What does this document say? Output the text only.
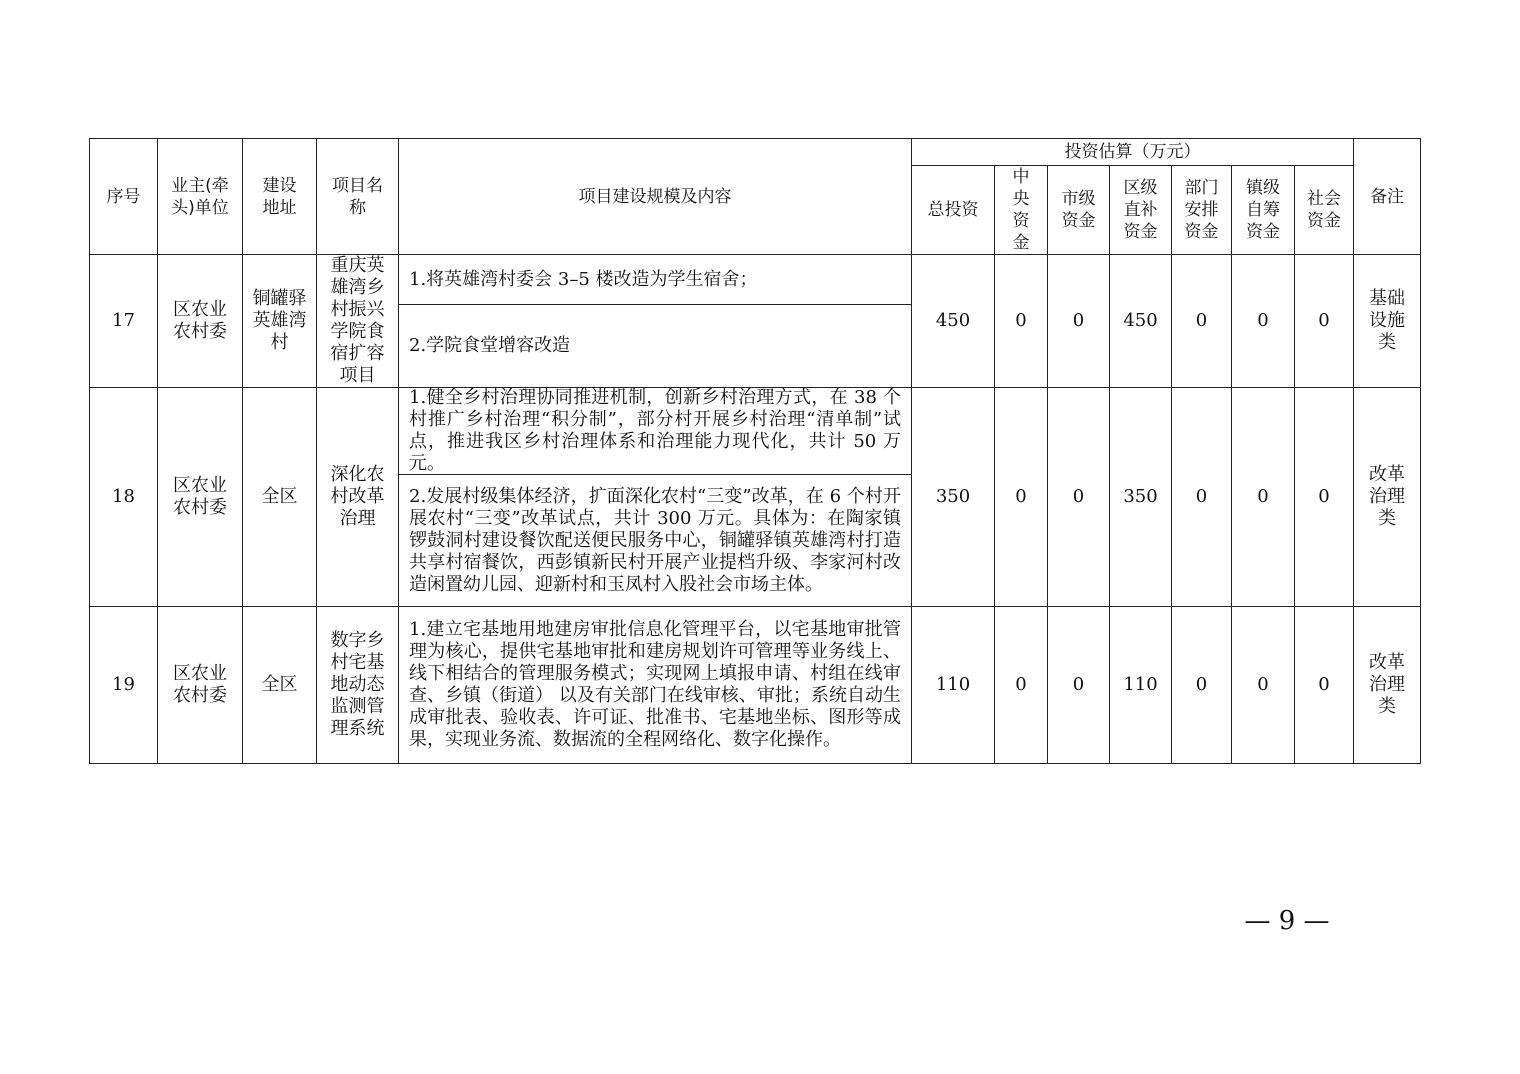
序号	业主(牵头)单位	建设地址	项目名称	项目建设规模及内容	投资估算（万元）							备注
					总投资	中央资金	市级资金	区级直补资金	部门安排资金	镇级自筹资金	社会资金	
17	区农业农村委	铜罐驿英雄湾村	重庆英雄湾乡村振兴学院食宿扩容项目	1.将英雄湾村委会 3–5 楼改造为学生宿舍；
2.学院食堂增容改造	450	0	0	450	0	0	0	基础设施类
18	区农业农村委	全区	深化农村改革治理	1.健全乡村治理协同推进机制，创新乡村治理方式，在 38 个村推广乡村治理“积分制”，部分村开展乡村治理“清单制”试点，推进我区乡村治理体系和治理能力现代化，共计 50 万元。
2.发展村级集体经济，扩面深化农村“三变”改革，在 6 个村开展农村“三变”改革试点，共计 300 万元。具体为：在陶家镇锣鼓洞村建设餐饮配送便民服务中心，铜罐驿镇英雄湾村打造共享村宿餐饮，西彭镇新民村开展产业提档升级、李家河村改造闲置幼儿园、迎新村和玉凤村入股社会市场主体。	350	0	0	350	0	0	0	改革治理类
19	区农业农村委	全区	数字乡村宅基地动态监测管理系统	1.建立宅基地用地建房审批信息化管理平台，以宅基地审批管理为核心，提供宅基地审批和建房规划许可管理等业务线上、线下相结合的管理服务模式；实现网上填报申请、村组在线审查、乡镇（街道） 以及有关部门在线审核、审批；系统自动生成审批表、验收表、许可证、批准书、宅基地坐标、图形等成果，实现业务流、数据流的全程网络化、数字化操作。	110	0	0	110	0	0	0	改革治理类
— 9 —
